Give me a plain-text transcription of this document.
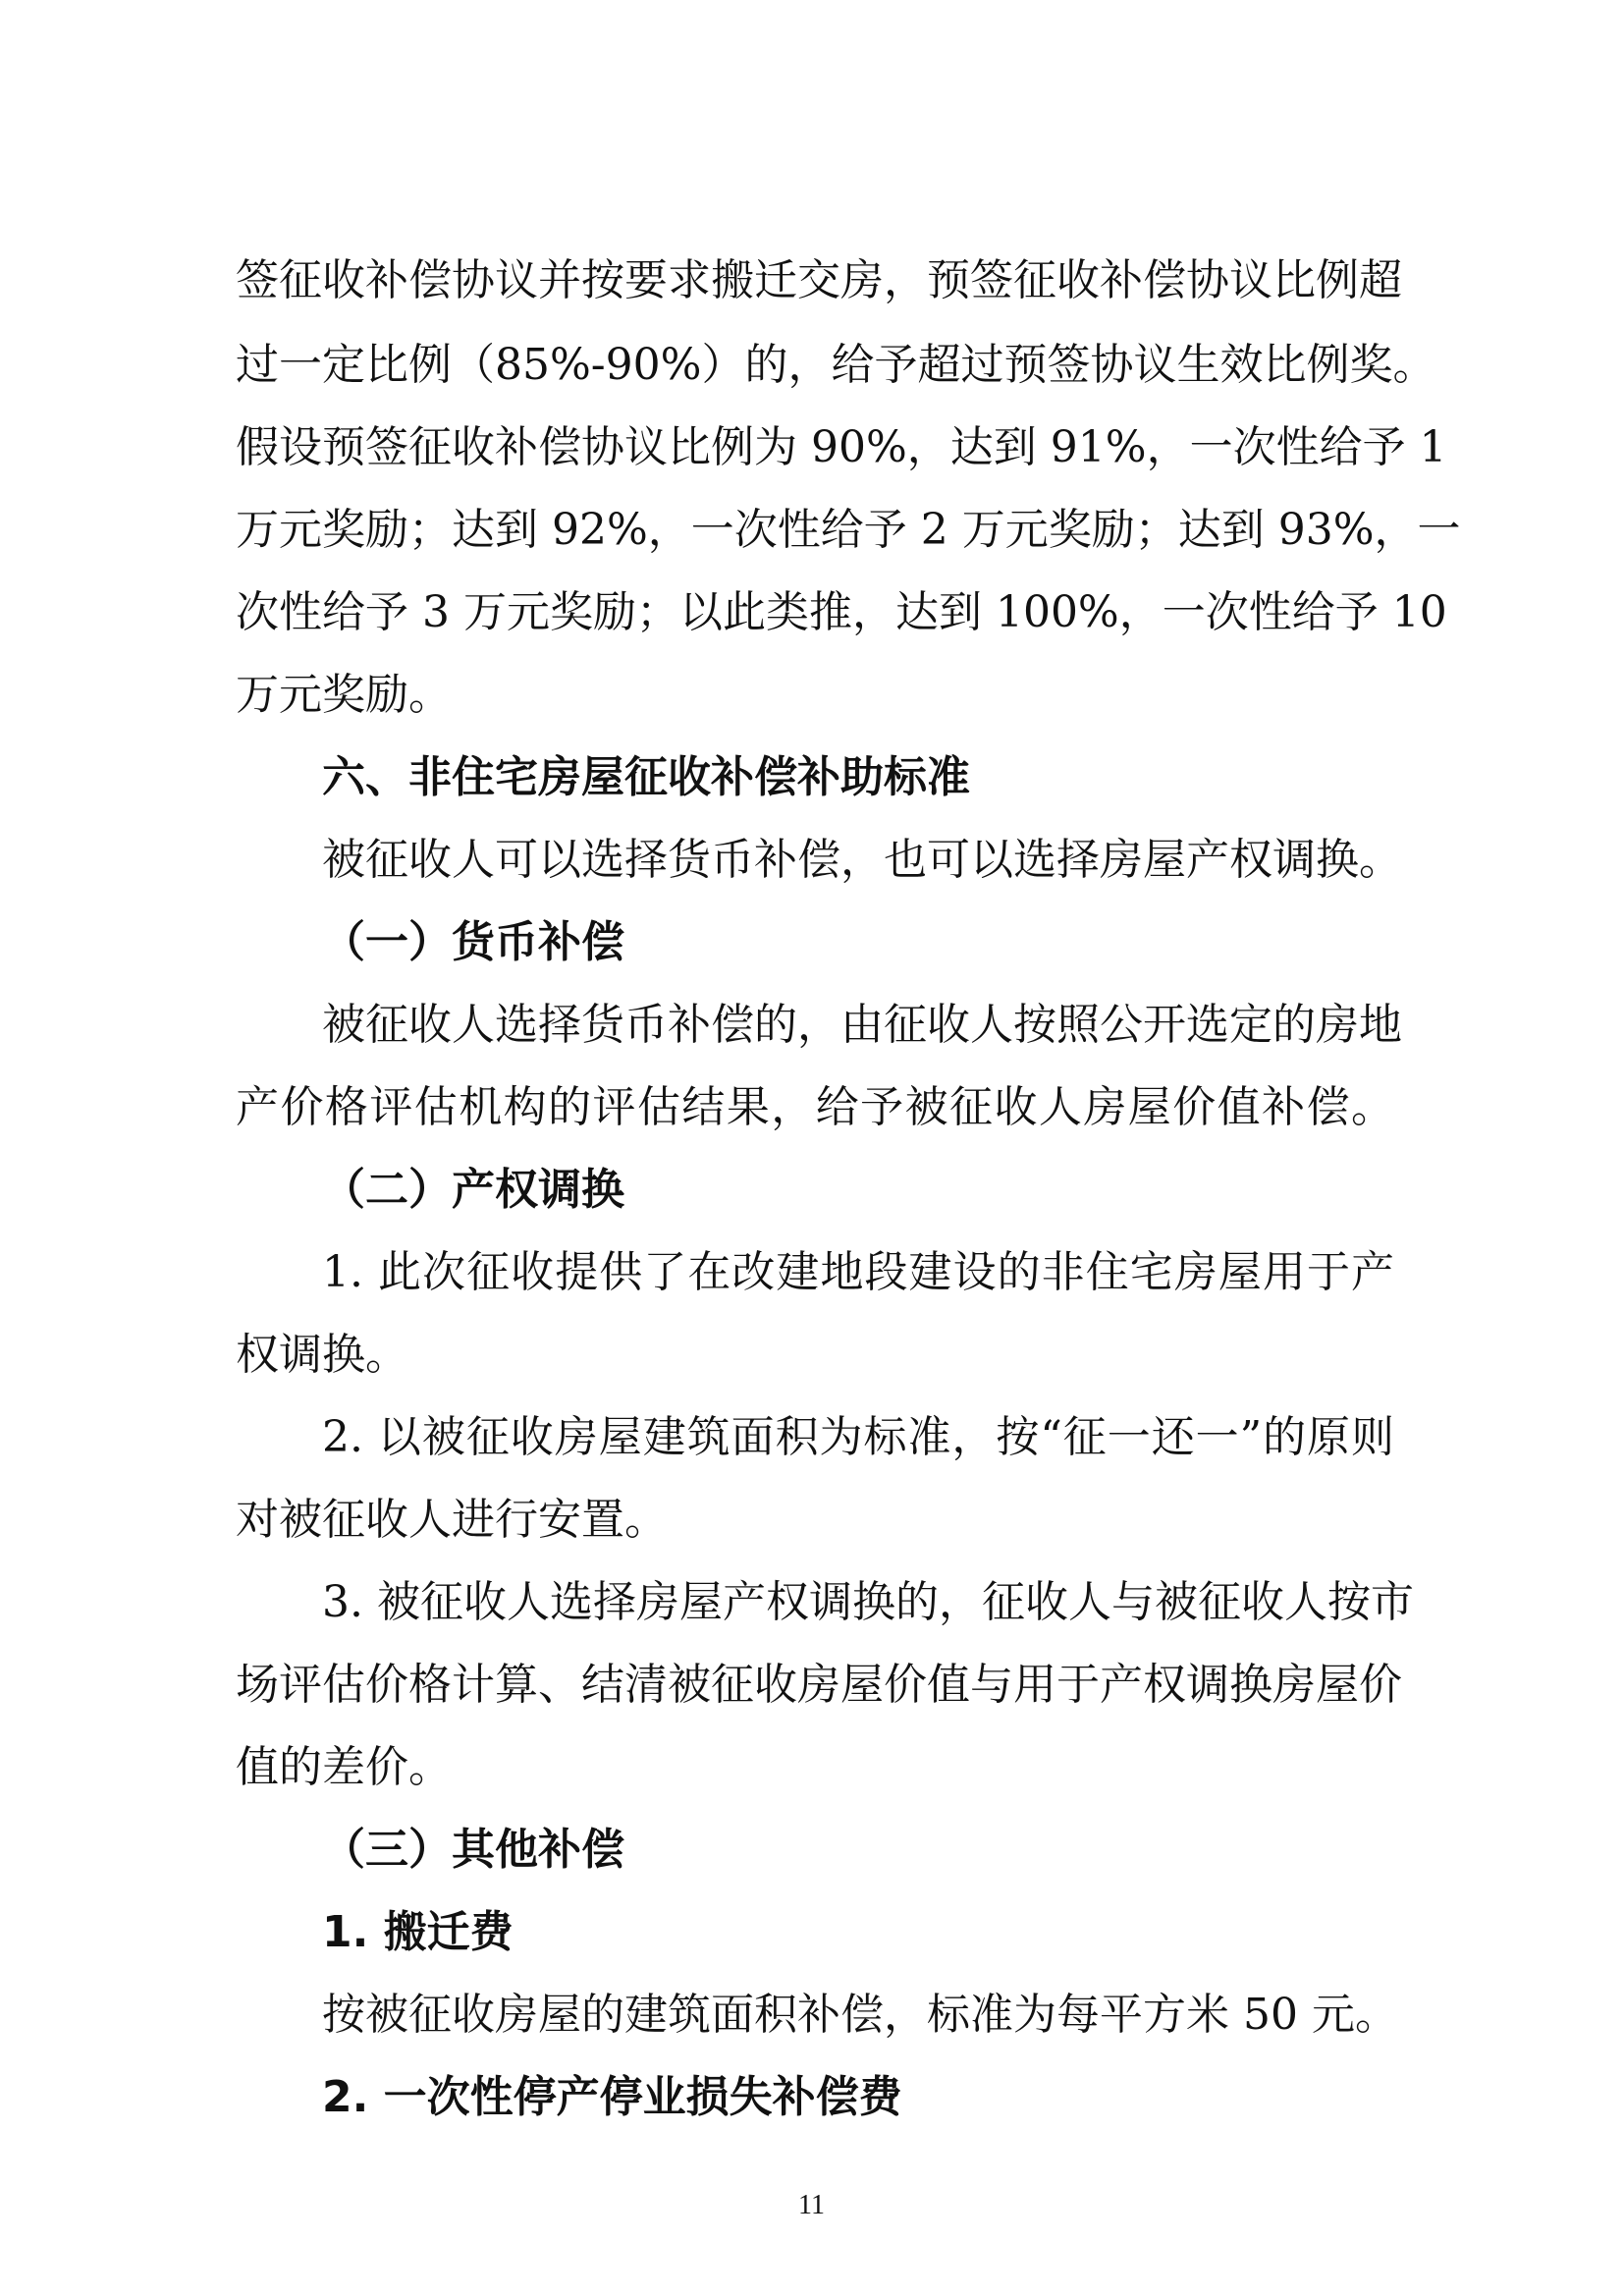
签征收补偿协议并按要求搬迁交房，预签征收补偿协议比例超
过一定比例（85%-90%）的，给予超过预签协议生效比例奖。
假设预签征收补偿协议比例为 90%，达到 91%，一次性给予 1
万元奖励；达到 92%，一次性给予 2 万元奖励；达到 93%，一
次性给予 3 万元奖励；以此类推，达到 100%，一次性给予 10
万元奖励。
六、非住宅房屋征收补偿补助标准
被征收人可以选择货币补偿，也可以选择房屋产权调换。
（一）货币补偿
被征收人选择货币补偿的，由征收人按照公开选定的房地
产价格评估机构的评估结果，给予被征收人房屋价值补偿。
（二）产权调换
1. 此次征收提供了在改建地段建设的非住宅房屋用于产
权调换。
2. 以被征收房屋建筑面积为标准，按“征一还一”的原则
对被征收人进行安置。
3. 被征收人选择房屋产权调换的，征收人与被征收人按市
场评估价格计算、结清被征收房屋价值与用于产权调换房屋价
值的差价。
（三）其他补偿
1. 搬迁费
按被征收房屋的建筑面积补偿，标准为每平方米 50 元。
2. 一次性停产停业损失补偿费
11
